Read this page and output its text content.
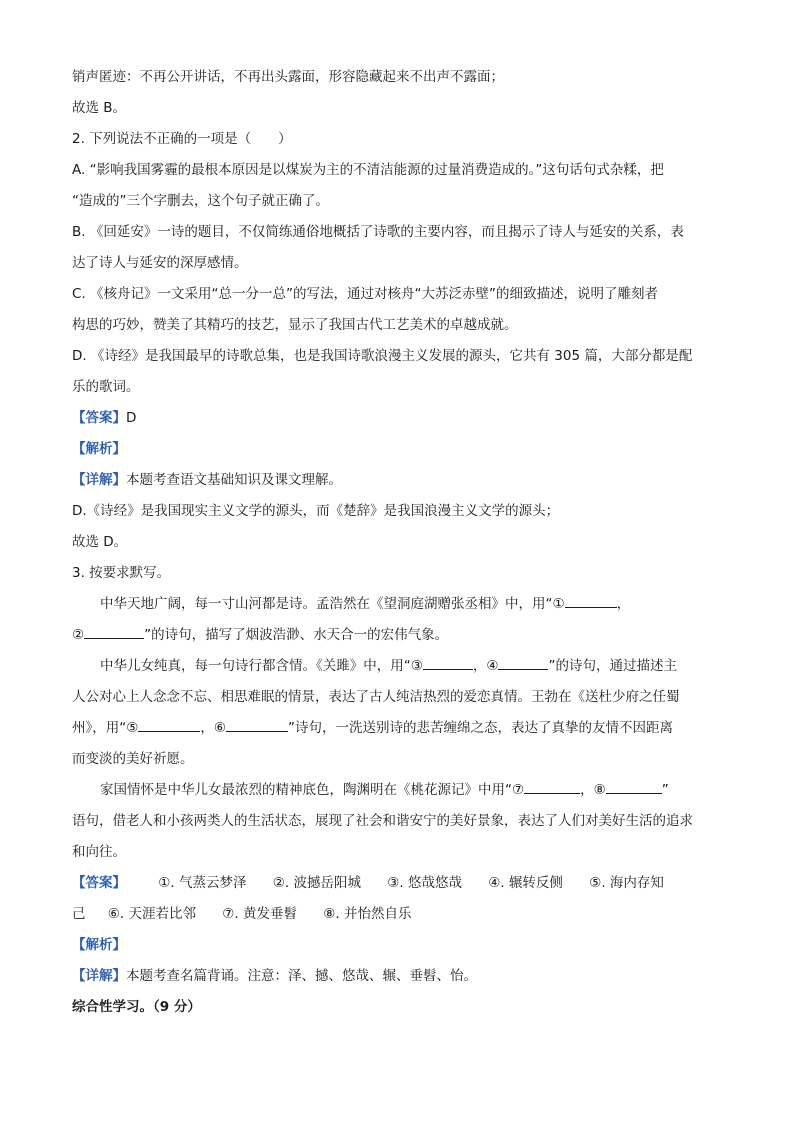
销声匿迹：不再公开讲话，不再出头露面，形容隐藏起来不出声不露面；
故选 B。
2. 下列说法不正确的一项是（　　）
A. “影响我国雾霾的最根本原因是以煤炭为主的不清洁能源的过量消费造成的。”这句话句式杂糅，把
“造成的”三个字删去，这个句子就正确了。
B. 《回延安》一诗的题目，不仅简练通俗地概括了诗歌的主要内容，而且揭示了诗人与延安的关系，表
达了诗人与延安的深厚感情。
C. 《核舟记》一文采用“总一分一总”的写法，通过对核舟“大苏泛赤壁”的细致描述，说明了雕刻者
构思的巧妙，赞美了其精巧的技艺，显示了我国古代工艺美术的卓越成就。
D. 《诗经》是我国最早的诗歌总集，也是我国诗歌浪漫主义发展的源头，它共有 305 篇，大部分都是配
乐的歌词。
【答案】D
【解析】
【详解】本题考查语文基础知识及课文理解。
D.《诗经》是我国现实主义文学的源头，而《楚辞》是我国浪漫主义文学的源头；
故选 D。
3. 按要求默写。
中华天地广阔，每一寸山河都是诗。孟浩然在《望洞庭湖赠张丞相》中，用“①	，
②	”的诗句，描写了烟波浩渺、水天合一的宏伟气象。
中华儿女纯真，每一句诗行都含情。《关雎》中，用“③	，④	”的诗句，通过描述主
人公对心上人念念不忘、相思难眠的情景，表达了古人纯洁热烈的爱恋真情。王勃在《送杜少府之任蜀
州》，用“⑤	，⑥	”诗句，一洗送别诗的悲苦缠绵之态，表达了真挚的友情不因距离
而变淡的美好祈愿。
家国情怀是中华儿女最浓烈的精神底色，陶渊明在《桃花源记》中用“⑦	，⑧	”
语句，借老人和小孩两类人的生活状态，展现了社会和谐安宁的美好景象，表达了人们对美好生活的追求
和向往。
【答案】 ①. 气蒸云梦泽 ②. 波撼岳阳城 ③. 悠哉悠哉 ④. 辗转反侧 ⑤. 海内存知
己 ⑥. 天涯若比邻 ⑦. 黄发垂髫 ⑧. 并怡然自乐
【解析】
【详解】本题考查名篇背诵。注意：泽、撼、悠哉、辗、垂髫、怡。
综合性学习。（9 分）
